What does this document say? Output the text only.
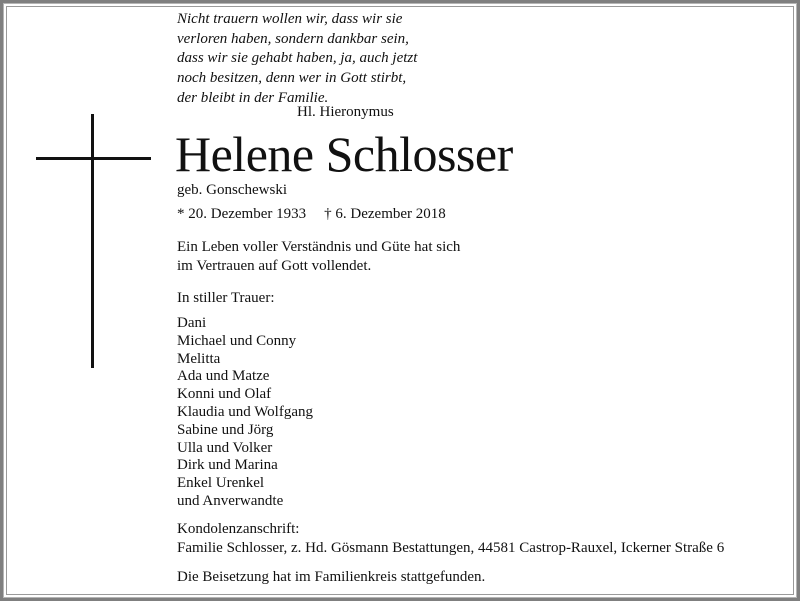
Nicht trauern wollen wir, dass wir sie
verloren haben, sondern dankbar sein,
dass wir sie gehabt haben, ja, auch jetzt
noch besitzen, denn wer in Gott stirbt,
der bleibt in der Familie.
Hl. Hieronymus
Helene Schlosser
geb. Gonschewski
* 20. Dezember 1933 † 6. Dezember 2018
Ein Leben voller Verständnis und Güte hat sich
im Vertrauen auf Gott vollendet.
In stiller Trauer:
Dani
Michael und Conny
Melitta
Ada und Matze
Konni und Olaf
Klaudia und Wolfgang
Sabine und Jörg
Ulla und Volker
Dirk und Marina
Enkel Urenkel
und Anverwandte
Kondolenzanschrift:
Familie Schlosser, z. Hd. Gösmann Bestattungen, 44581 Castrop-Rauxel, Ickerner Straße 6
Die Beisetzung hat im Familienkreis stattgefunden.
